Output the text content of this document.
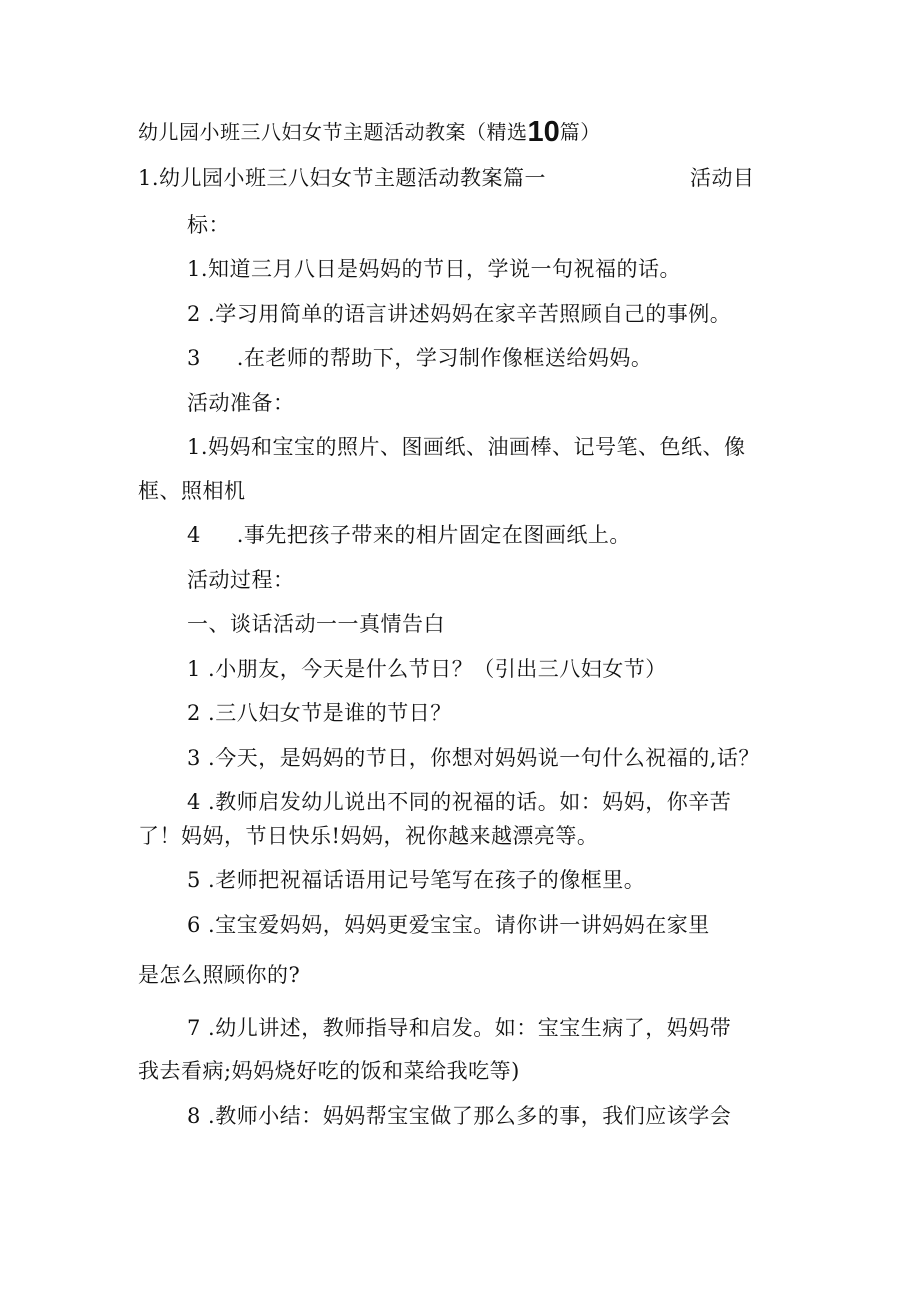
幼儿园小班三八妇女节主题活动教案（精选10篇）
1.幼儿园小班三八妇女节主题活动教案篇一	活动目
标：
1.知道三月八日是妈妈的节日，学说一句祝福的话。
2 .学习用简单的语言讲述妈妈在家辛苦照顾自己的事例。
3     .在老师的帮助下，学习制作像框送给妈妈。
活动准备：
1.妈妈和宝宝的照片、图画纸、油画棒、记号笔、色纸、像
框、照相机
4     .事先把孩子带来的相片固定在图画纸上。
活动过程：
一、谈话活动一一真情告白
1 .小朋友，今天是什么节日？（引出三八妇女节）
2 .三八妇女节是谁的节日？
3 .今天，是妈妈的节日，你想对妈妈说一句什么祝福的,话？
4 .教师启发幼儿说出不同的祝福的话。如：妈妈，你辛苦
了！妈妈，节日快乐!妈妈，祝你越来越漂亮等。
5 .老师把祝福话语用记号笔写在孩子的像框里。
6 .宝宝爱妈妈，妈妈更爱宝宝。请你讲一讲妈妈在家里
是怎么照顾你的?
7 .幼儿讲述，教师指导和启发。如：宝宝生病了，妈妈带
我去看病;妈妈烧好吃的饭和菜给我吃等)
8 .教师小结：妈妈帮宝宝做了那么多的事，我们应该学会
